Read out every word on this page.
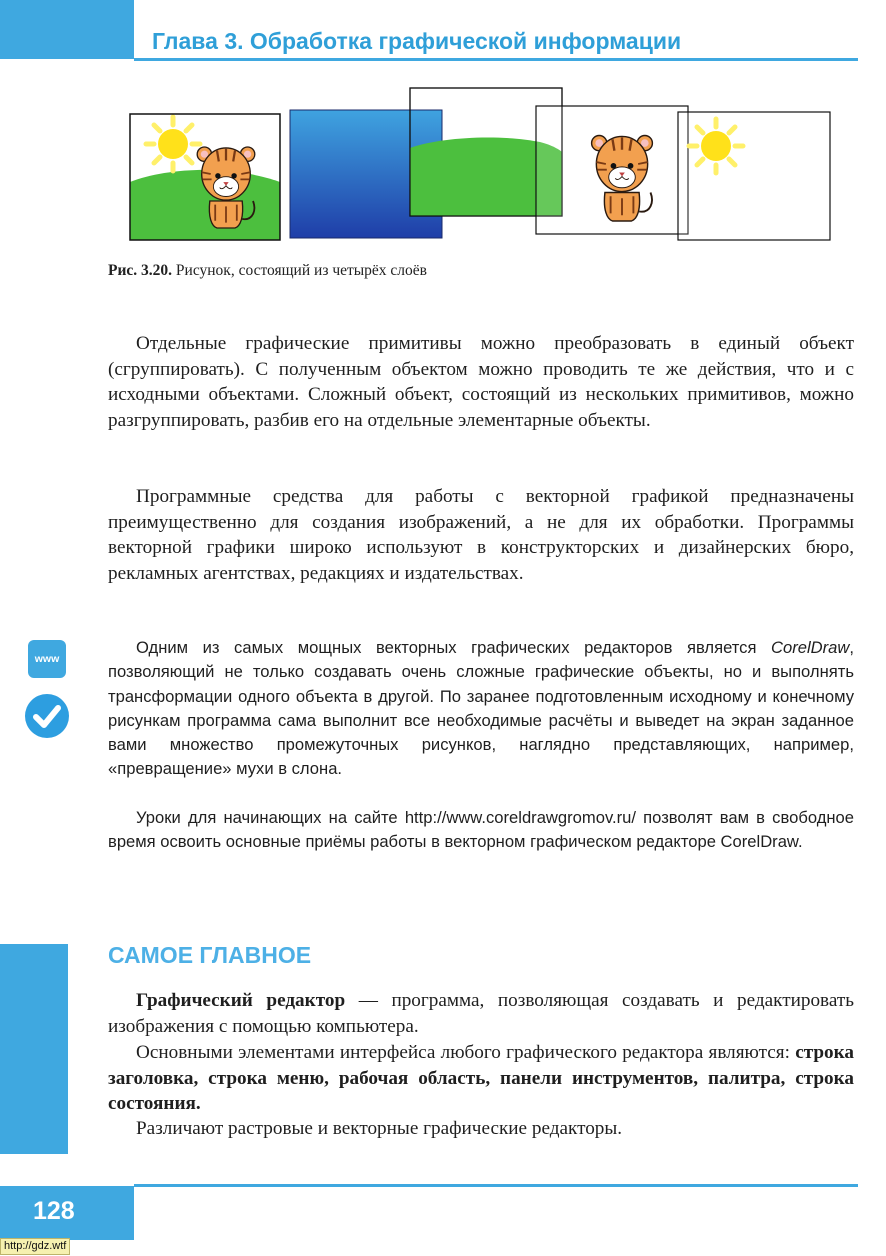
Глава 3. Обработка графической информации
Рис. 3.20. Рисунок, состоящий из четырёх слоёв

Отдельные графические примитивы можно преобразовать в единый объект (сгруппировать). С полученным объектом можно проводить те же действия, что и с исходными объектами. Сложный объект, состоящий из нескольких примитивов, можно разгруппировать, разбив его на отдельные элементарные объекты.

Программные средства для работы с векторной графикой предназначены преимущественно для создания изображений, а не для их обработки. Программы векторной графики широко используют в конструкторских и дизайнерских бюро, рекламных агентствах, редакциях и издательствах.

www

Одним из самых мощных векторных графических редакторов является CorelDraw, позволяющий не только создавать очень сложные графические объекты, но и выполнять трансформации одного объекта в другой. По заранее подготовленным исходному и конечному рисункам программа сама выполнит все необходимые расчёты и выведет на экран заданное вами множество промежуточных рисунков, наглядно представляющих, например, «превращение» мухи в слона.

Уроки для начинающих на сайте http://www.coreldrawgromov.ru/ позволят вам в свободное время освоить основные приёмы работы в векторном графическом редакторе CorelDraw.

САМОЕ ГЛАВНОЕ

Графический редактор — программа, позволяющая создавать и редактировать изображения с помощью компьютера.

Основными элементами интерфейса любого графического редактора являются: строка заголовка, строка меню, рабочая область, панели инструментов, палитра, строка состояния.

Различают растровые и векторные графические редакторы.

128
http://gdz.wtf
